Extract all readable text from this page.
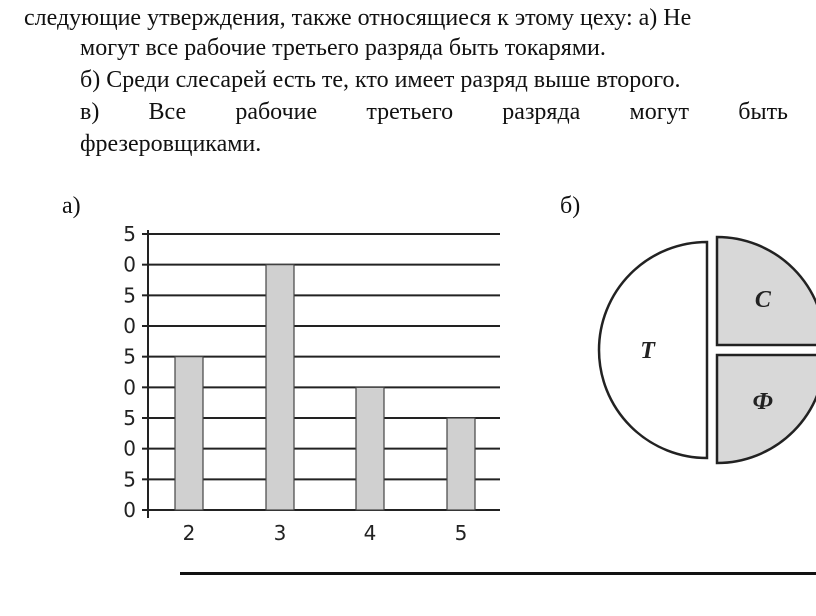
следующие утверждения, также относящиеся к этому цеху: а) Не
могут все рабочие третьего разряда быть токарями.
б) Среди слесарей есть те, кто имеет разряд выше второго.
в) Все рабочие третьего разряда могут быть
фрезеровщиками.
а)	б)
0
5
0
5
0
5
0
5
0
5
2	3	4	5
Т
С
Ф
